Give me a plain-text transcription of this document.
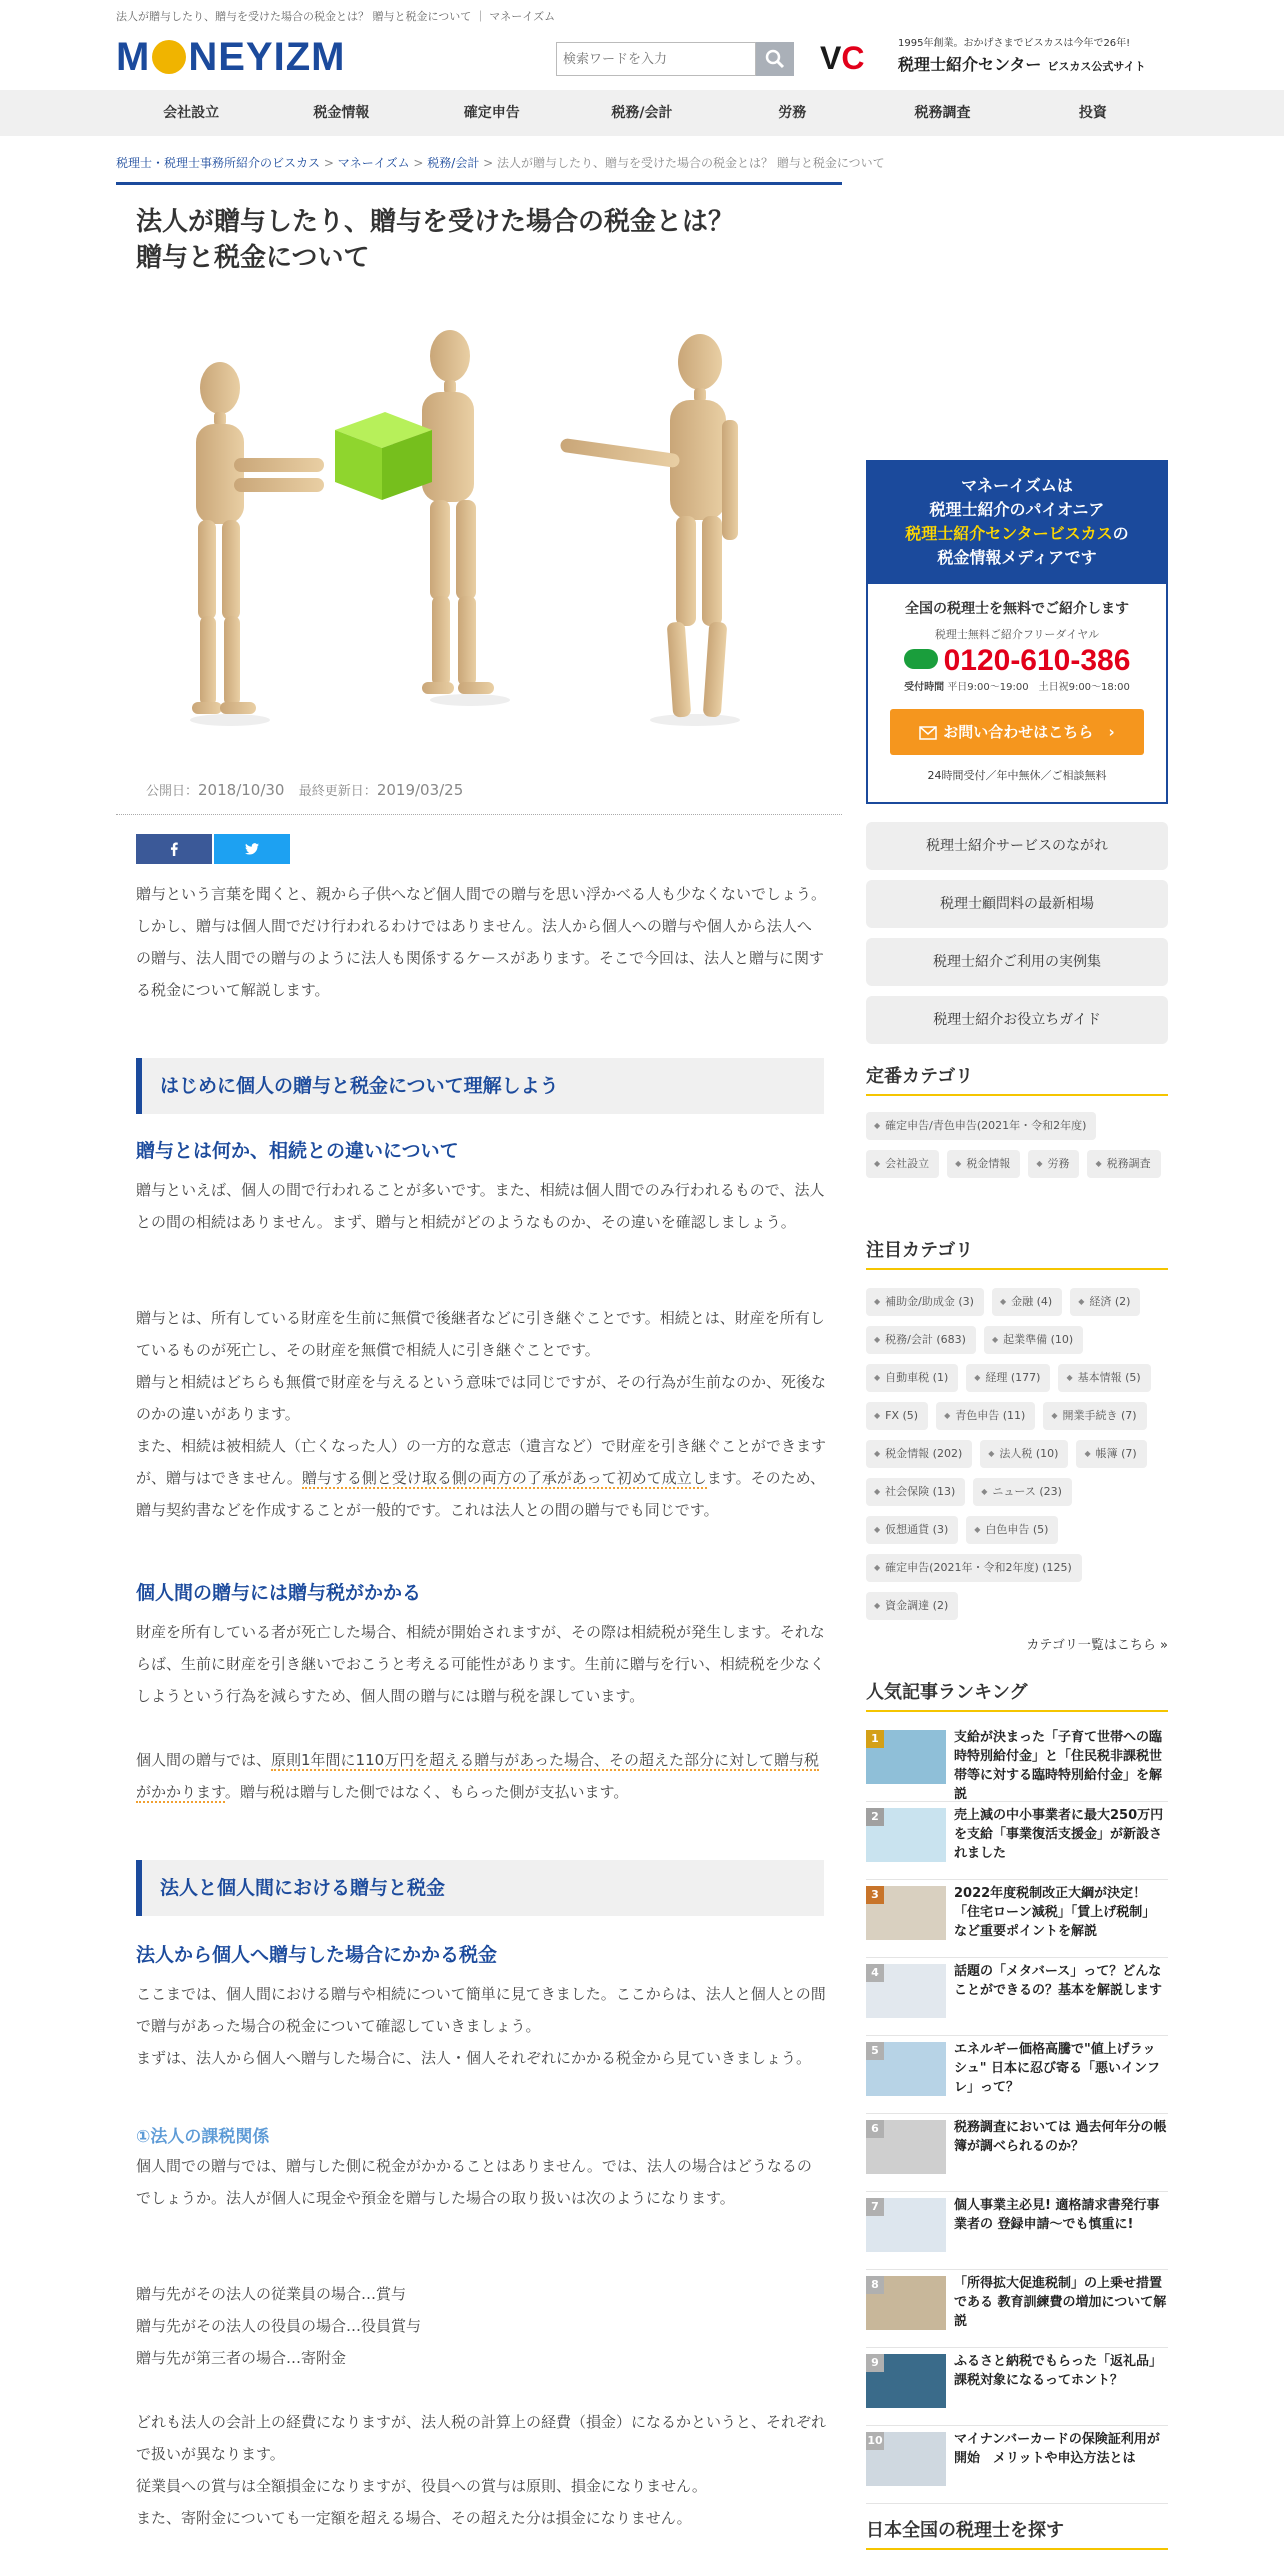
法人が贈与したり、贈与を受けた場合の税金とは？ 贈与と税金について ｜ マネーイズム
M NEYIZM
検索ワードを入力	VC	1995年創業。おかげさまでビスカスは今年で26年!
税理士紹介センター ビスカス公式サイト
会社設立	税金情報	確定申告	税務/会計	労務	税務調査	投資
税理士・税理士事務所紹介のビスカス > マネーイズム > 税務/会計 > 法人が贈与したり、贈与を受けた場合の税金とは？ 贈与と税金について
法人が贈与したり、贈与を受けた場合の税金とは？
贈与と税金について
公開日：2018/10/30 最終更新日：2019/03/25

贈与という言葉を聞くと、親から子供へなど個人間での贈与を思い浮かべる人も少なくないでしょう。しかし、贈与は個人間でだけ行われるわけではありません。法人から個人への贈与や個人から法人への贈与、法人間での贈与のように法人も関係するケースがあります。そこで今回は、法人と贈与に関する税金について解説します。

はじめに個人の贈与と税金について理解しよう
贈与とは何か、相続との違いについて

贈与といえば、個人の間で行われることが多いです。また、相続は個人間でのみ行われるもので、法人との間の相続はありません。まず、贈与と相続がどのようなものか、その違いを確認しましょう。

贈与とは、所有している財産を生前に無償で後継者などに引き継ぐことです。相続とは、財産を所有しているものが死亡し、その財産を無償で相続人に引き継ぐことです。

贈与と相続はどちらも無償で財産を与えるという意味では同じですが、その行為が生前なのか、死後なのかの違いがあります。

また、相続は被相続人（亡くなった人）の一方的な意志（遺言など）で財産を引き継ぐことができますが、贈与はできません。贈与する側と受け取る側の両方の了承があって初めて成立します。そのため、贈与契約書などを作成することが一般的です。これは法人との間の贈与でも同じです。

個人間の贈与には贈与税がかかる

財産を所有している者が死亡した場合、相続が開始されますが、その際は相続税が発生します。それならば、生前に財産を引き継いでおこうと考える可能性があります。生前に贈与を行い、相続税を少なくしようという行為を減らすため、個人間の贈与には贈与税を課しています。

個人間の贈与では、原則1年間に110万円を超える贈与があった場合、その超えた部分に対して贈与税がかかります。贈与税は贈与した側ではなく、もらった側が支払います。

法人と個人間における贈与と税金
法人から個人へ贈与した場合にかかる税金

ここまでは、個人間における贈与や相続について簡単に見てきました。ここからは、法人と個人との間で贈与があった場合の税金について確認していきましょう。

まずは、法人から個人へ贈与した場合に、法人・個人それぞれにかかる税金から見ていきましょう。

①法人の課税関係

個人間での贈与では、贈与した側に税金がかかることはありません。では、法人の場合はどうなるのでしょうか。法人が個人に現金や預金を贈与した場合の取り扱いは次のようになります。

贈与先がその法人の従業員の場合…賞与

贈与先がその法人の役員の場合…役員賞与

贈与先が第三者の場合…寄附金

どれも法人の会計上の経費になりますが、法人税の計算上の経費（損金）になるかというと、それぞれで扱いが異なります。

従業員への賞与は全額損金になりますが、役員への賞与は原則、損金になりません。

また、寄附金についても一定額を超える場合、その超えた分は損金になりません。

マネーイズムは
税理士紹介のパイオニア
税理士紹介センタービスカスの
税金情報メディアです
全国の税理士を無料でご紹介します
税理士無料ご紹介フリーダイヤル
0120-610-386
受付時間 平日9:00～19:00　土日祝9:00～18:00
お問い合わせはこちら ›
24時間受付／年中無休／ご相談無料
税理士紹介サービスのながれ
税理士顧問料の最新相場
税理士紹介ご利用の実例集
税理士紹介お役立ちガイド
定番カテゴリ
◆ 確定申告/青色申告(2021年・令和2年度)
◆ 会社設立	◆ 税金情報	◆ 労務	◆ 税務調査
注目カテゴリ
◆ 補助金/助成金 (3)	◆ 金融 (4)	◆ 経済 (2)
◆ 税務/会計 (683)	◆ 起業準備 (10)
◆ 自動車税 (1)	◆ 経理 (177)	◆ 基本情報 (5)
◆ FX (5)	◆ 青色申告 (11)	◆ 開業手続き (7)
◆ 税金情報 (202)	◆ 法人税 (10)	◆ 帳簿 (7)
◆ 社会保険 (13)	◆ ニュース (23)
◆ 仮想通貨 (3)	◆ 白色申告 (5)
◆ 確定申告(2021年・令和2年度) (125)
◆ 資金調達 (2)
カテゴリ一覧はこちら »
人気記事ランキング
1	支給が決まった「子育て世帯への臨時特別給付金」と「住民税非課税世帯等に対する臨時特別給付金」を解説
2	売上減の中小事業者に最大250万円を支給「事業復活支援金」が新設されました
3	2022年度税制改正大綱が決定！「住宅ローン減税」「賃上げ税制」など重要ポイントを解説
4	話題の「メタバース」って？どんなことができるの？基本を解説します
5	エネルギー価格高騰で"値上げラッシュ" 日本に忍び寄る「悪いインフレ」って？
6	税務調査においては 過去何年分の帳簿が調べられるのか？
7	個人事業主必見! 適格請求書発行事業者の 登録申請～でも慎重に!
8	「所得拡大促進税制」の上乗せ措置である 教育訓練費の増加について解説
9	ふるさと納税でもらった「返礼品」課税対象になるってホント？
10	マイナンバーカードの保険証利用が開始　メリットや申込方法とは
日本全国の税理士を探す
